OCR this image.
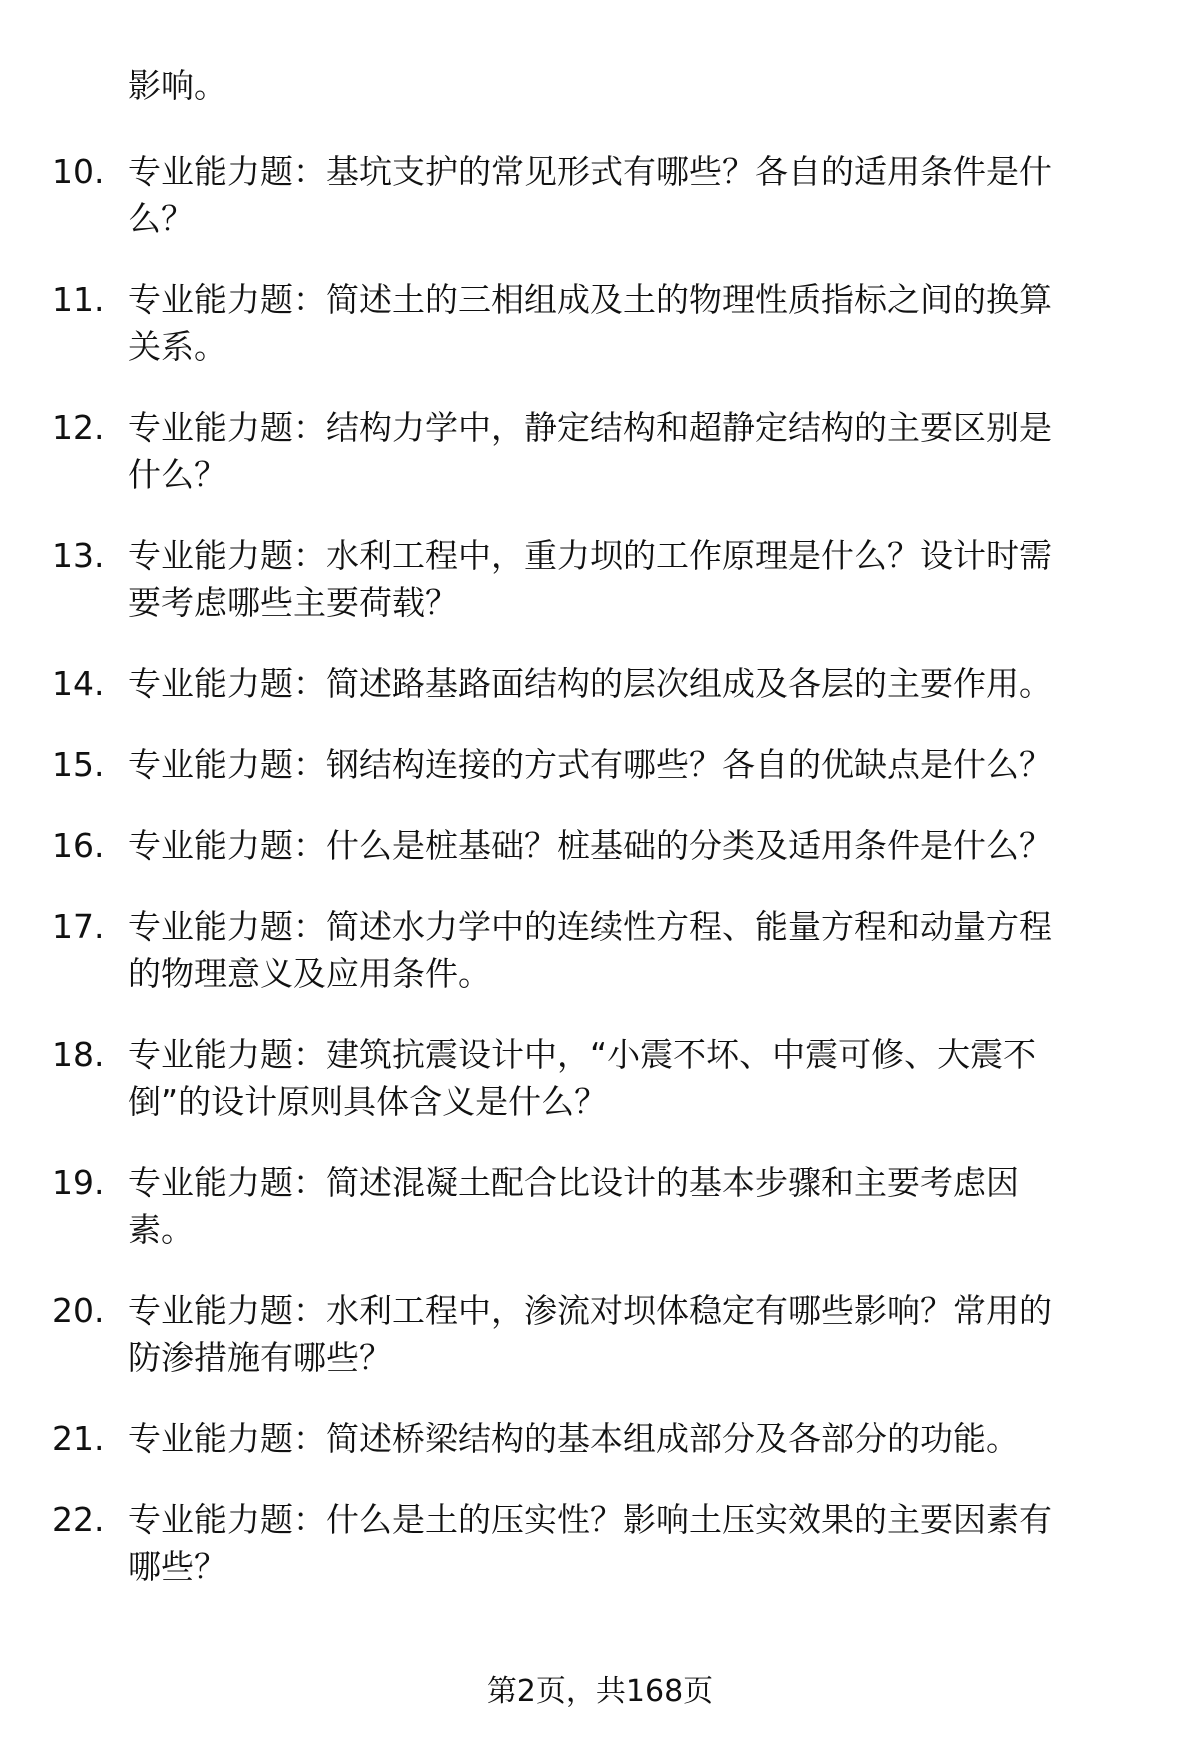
影响。
10. 专业能力题：基坑支护的常见形式有哪些？各自的适用条件是什
么？
11. 专业能力题：简述土的三相组成及土的物理性质指标之间的换算
关系。
12. 专业能力题：结构力学中，静定结构和超静定结构的主要区别是
什么？
13. 专业能力题：水利工程中，重力坝的工作原理是什么？设计时需
要考虑哪些主要荷载？
14. 专业能力题：简述路基路面结构的层次组成及各层的主要作用。
15. 专业能力题：钢结构连接的方式有哪些？各自的优缺点是什么？
16. 专业能力题：什么是桩基础？桩基础的分类及适用条件是什么？
17. 专业能力题：简述水力学中的连续性方程、能量方程和动量方程
的物理意义及应用条件。
18. 专业能力题：建筑抗震设计中，“小震不坏、中震可修、大震不
倒”的设计原则具体含义是什么？
19. 专业能力题：简述混凝土配合比设计的基本步骤和主要考虑因
素。
20. 专业能力题：水利工程中，渗流对坝体稳定有哪些影响？常用的
防渗措施有哪些？
21. 专业能力题：简述桥梁结构的基本组成部分及各部分的功能。
22. 专业能力题：什么是土的压实性？影响土压实效果的主要因素有
哪些？
第2页，共168页
